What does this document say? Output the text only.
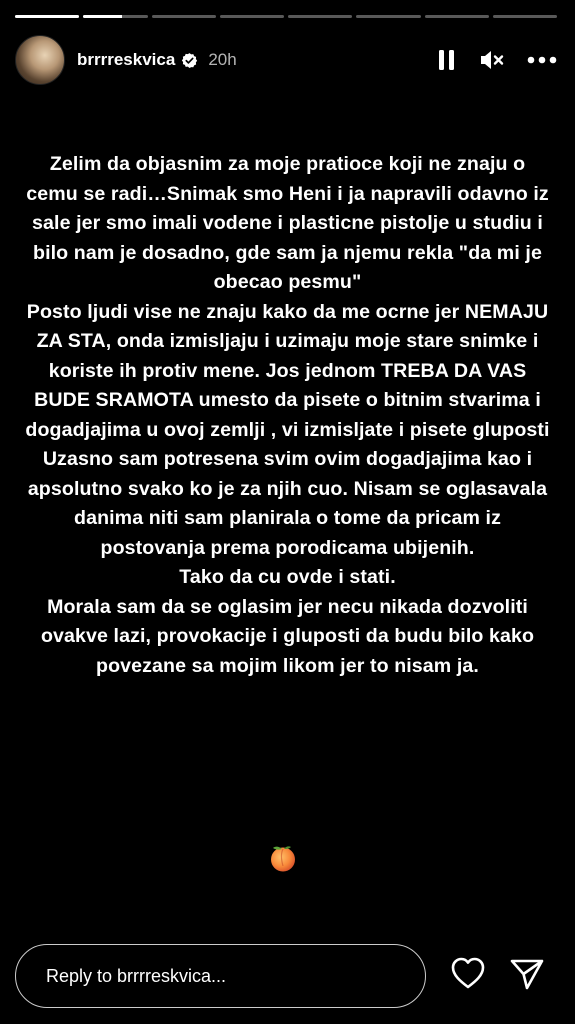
brrrreskvica 20h

Zelim da objasnim za moje pratioce koji ne znaju o cemu se radi…Snimak smo Heni i ja napravili odavno iz sale jer smo imali vodene i plasticne pistolje u studiu i bilo nam je dosadno, gde sam ja njemu rekla "da mi je obecao pesmu"

Posto ljudi vise ne znaju kako da me ocrne jer NEMAJU ZA STA, onda izmisljaju i uzimaju moje stare snimke i koriste ih protiv mene. Jos jednom TREBA DA VAS BUDE SRAMOTA umesto da pisete o bitnim stvarima i dogadjajima u ovoj zemlji , vi izmisljate i pisete gluposti

Uzasno sam potresena svim ovim dogadjajima kao i apsolutno svako ko je za njih cuo. Nisam se oglasavala danima niti sam planirala o tome da pricam iz postovanja prema porodicama ubijenih.

Tako da cu ovde i stati.

Morala sam da se oglasim jer necu nikada dozvoliti ovakve lazi, provokacije i gluposti da budu bilo kako povezane sa mojim likom jer to nisam ja.

Reply to brrrreskvica...
